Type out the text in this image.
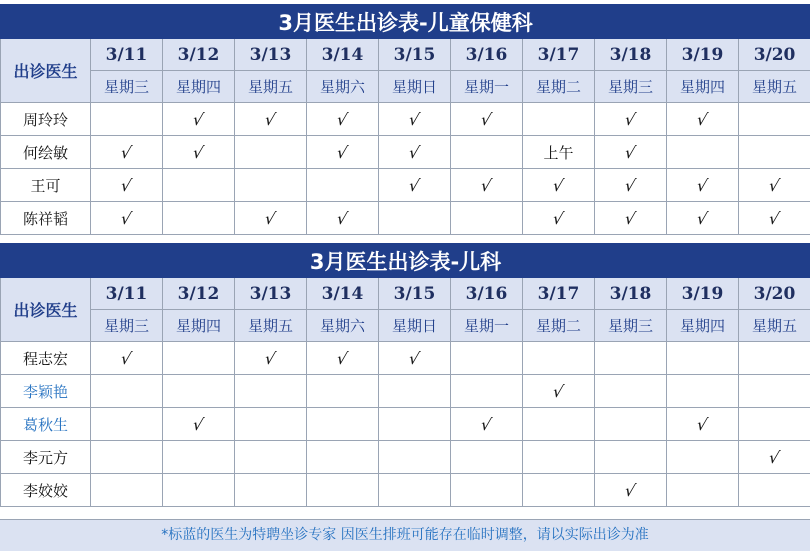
3月医生出诊表-儿童保健科										
出诊医生	3/11	3/12	3/13	3/14	3/15	3/16	3/17	3/18	3/19	3/20
	星期三	星期四	星期五	星期六	星期日	星期一	星期二	星期三	星期四	星期五
周玲玲		√	√	√	√	√		√	√	
何绘敏	√	√		√	√		上午	√		
王可	√				√	√	√	√	√	√
陈祥韬	√		√	√			√	√	√	√
3月医生出诊表-儿科										
出诊医生	3/11	3/12	3/13	3/14	3/15	3/16	3/17	3/18	3/19	3/20
	星期三	星期四	星期五	星期六	星期日	星期一	星期二	星期三	星期四	星期五
程志宏	√		√	√	√					
李颖艳							√			
葛秋生		√				√			√	
李元方										√
李姣姣								√		
*标蓝的医生为特聘坐诊专家 因医生排班可能存在临时调整，请以实际出诊为准
